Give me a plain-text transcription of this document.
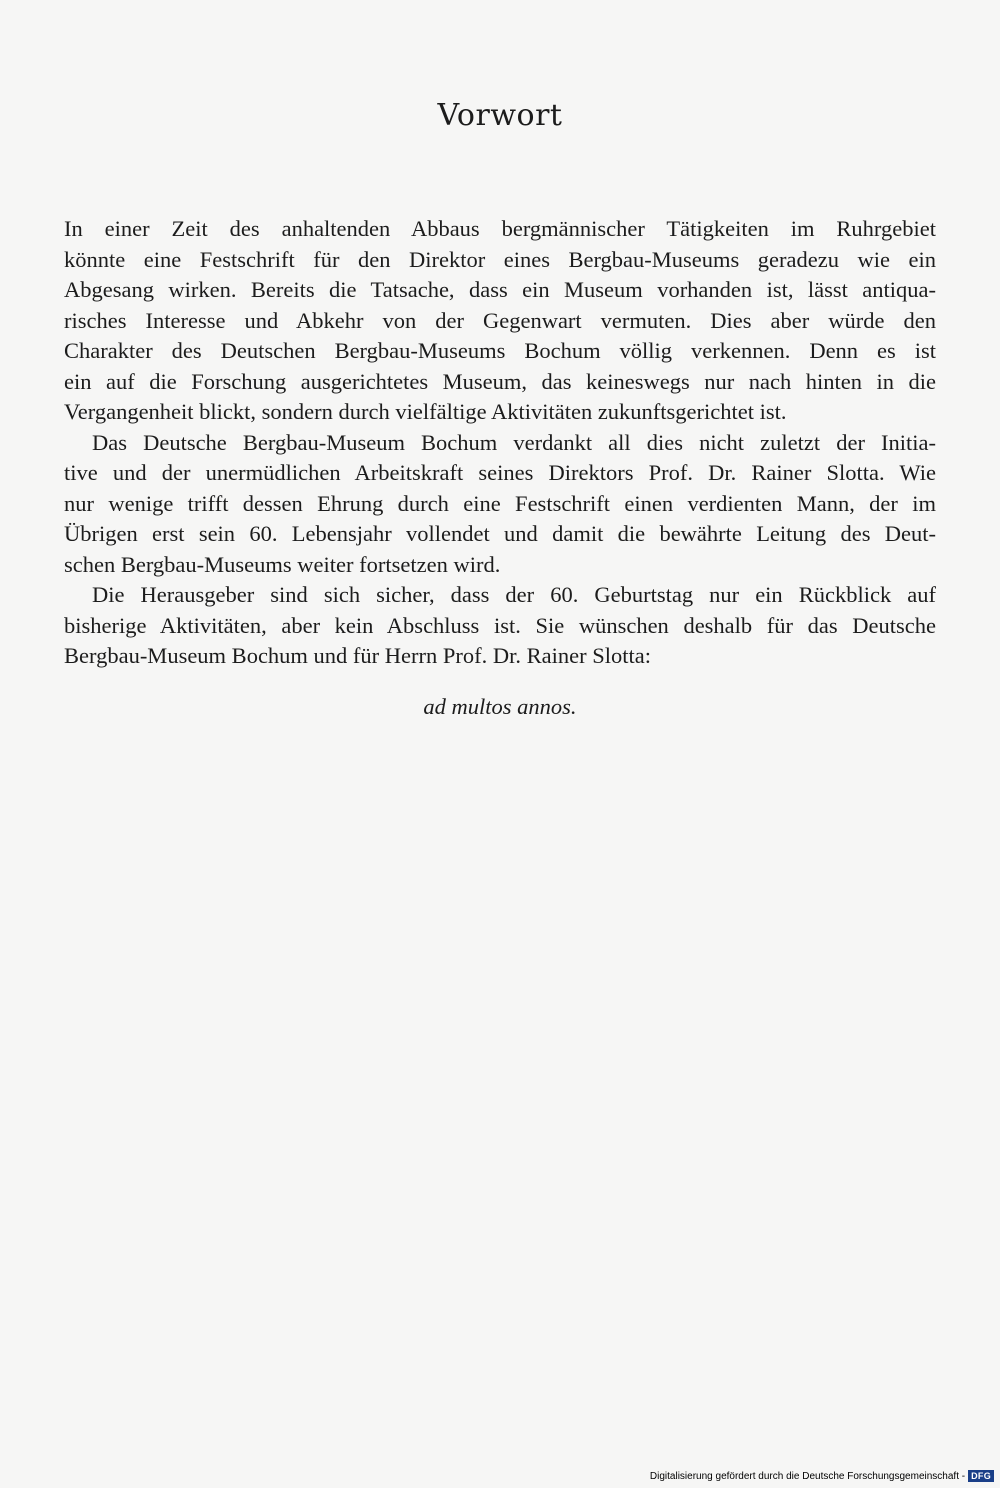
Vorwort

In einer Zeit des anhaltenden Abbaus bergmännischer Tätigkeiten im Ruhrgebiet
könnte eine Festschrift für den Direktor eines Bergbau-Museums geradezu wie ein
Abgesang wirken. Bereits die Tatsache, dass ein Museum vorhanden ist, lässt antiqua-
risches Interesse und Abkehr von der Gegenwart vermuten. Dies aber würde den
Charakter des Deutschen Bergbau-Museums Bochum völlig verkennen. Denn es ist
ein auf die Forschung ausgerichtetes Museum, das keineswegs nur nach hinten in die
Vergangenheit blickt, sondern durch vielfältige Aktivitäten zukunftsgerichtet ist.

Das Deutsche Bergbau-Museum Bochum verdankt all dies nicht zuletzt der Initia-
tive und der unermüdlichen Arbeitskraft seines Direktors Prof. Dr. Rainer Slotta. Wie
nur wenige trifft dessen Ehrung durch eine Festschrift einen verdienten Mann, der im
Übrigen erst sein 60. Lebensjahr vollendet und damit die bewährte Leitung des Deut-
schen Bergbau-Museums weiter fortsetzen wird.

Die Herausgeber sind sich sicher, dass der 60. Geburtstag nur ein Rückblick auf
bisherige Aktivitäten, aber kein Abschluss ist. Sie wünschen deshalb für das Deutsche
Bergbau-Museum Bochum und für Herrn Prof. Dr. Rainer Slotta:

ad multos annos.
Digitalisierung gefördert durch die Deutsche Forschungsgemeinschaft - DFG
